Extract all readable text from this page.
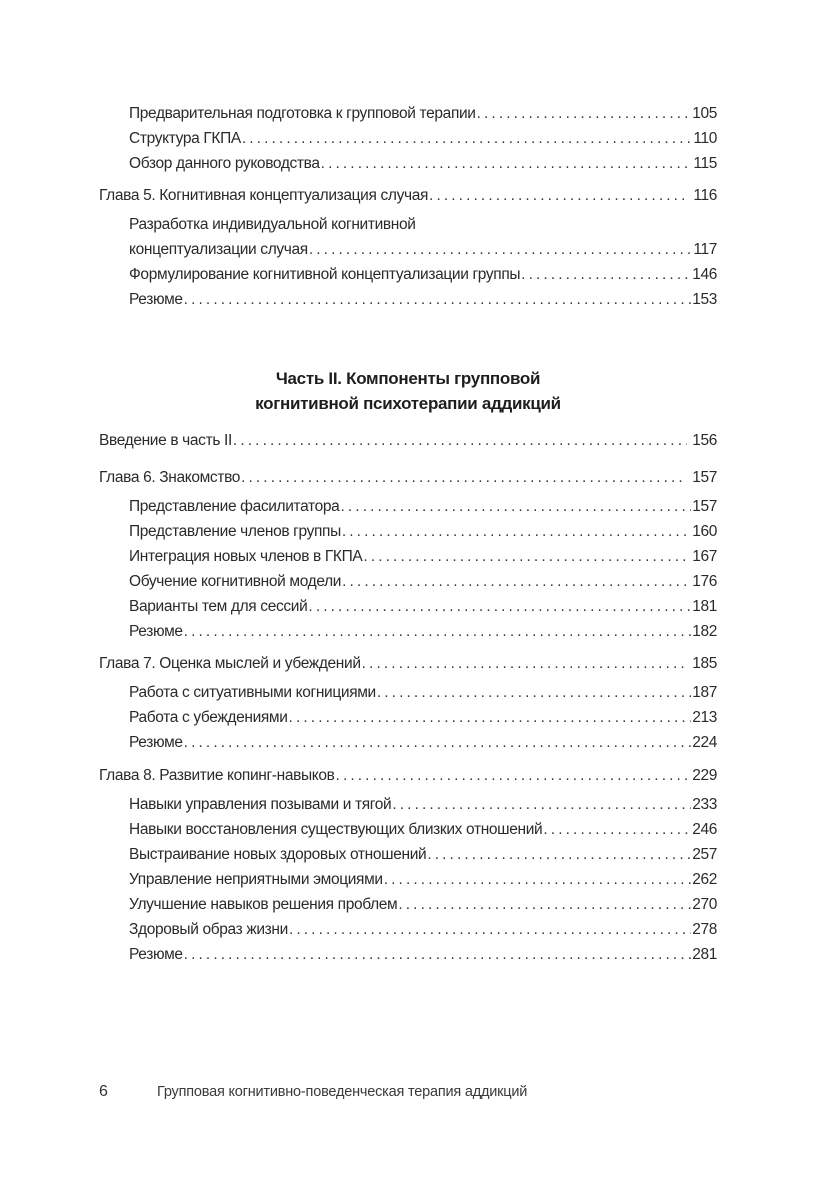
Предварительная подготовка к групповой терапии . . .	105
Структура ГКПА . . .	110
Обзор данного руководства . . .	115
Глава 5. Когнитивная концептуализация случая . . .	116
Разработка индивидуальной когнитивной
концептуализации случая . . .	117
Формулирование когнитивной концептуализации группы . . .	146
Резюме . . .	153
Введение в часть II . . .	156
Глава 6. Знакомство . . .	157
Представление фасилитатора . . .	157
Представление членов группы . . .	160
Интеграция новых членов в ГКПА . . .	167
Обучение когнитивной модели . . .	176
Варианты тем для сессий . . .	181
Резюме . . .	182
Глава 7. Оценка мыслей и убеждений . . .	185
Работа с ситуативными когнициями . . .	187
Работа с убеждениями . . .	213
Резюме . . .	224
Глава 8. Развитие копинг-навыков . . .	229
Навыки управления позывами и тягой . . .	233
Навыки восстановления существующих близких отношений . . .	246
Выстраивание новых здоровых отношений . . .	257
Управление неприятными эмоциями . . .	262
Улучшение навыков решения проблем . . .	270
Здоровый образ жизни . . .	278
Резюме . . .	281
Часть II. Компоненты групповой
когнитивной психотерапии аддикций
6	Групповая когнитивно-поведенческая терапия аддикций
